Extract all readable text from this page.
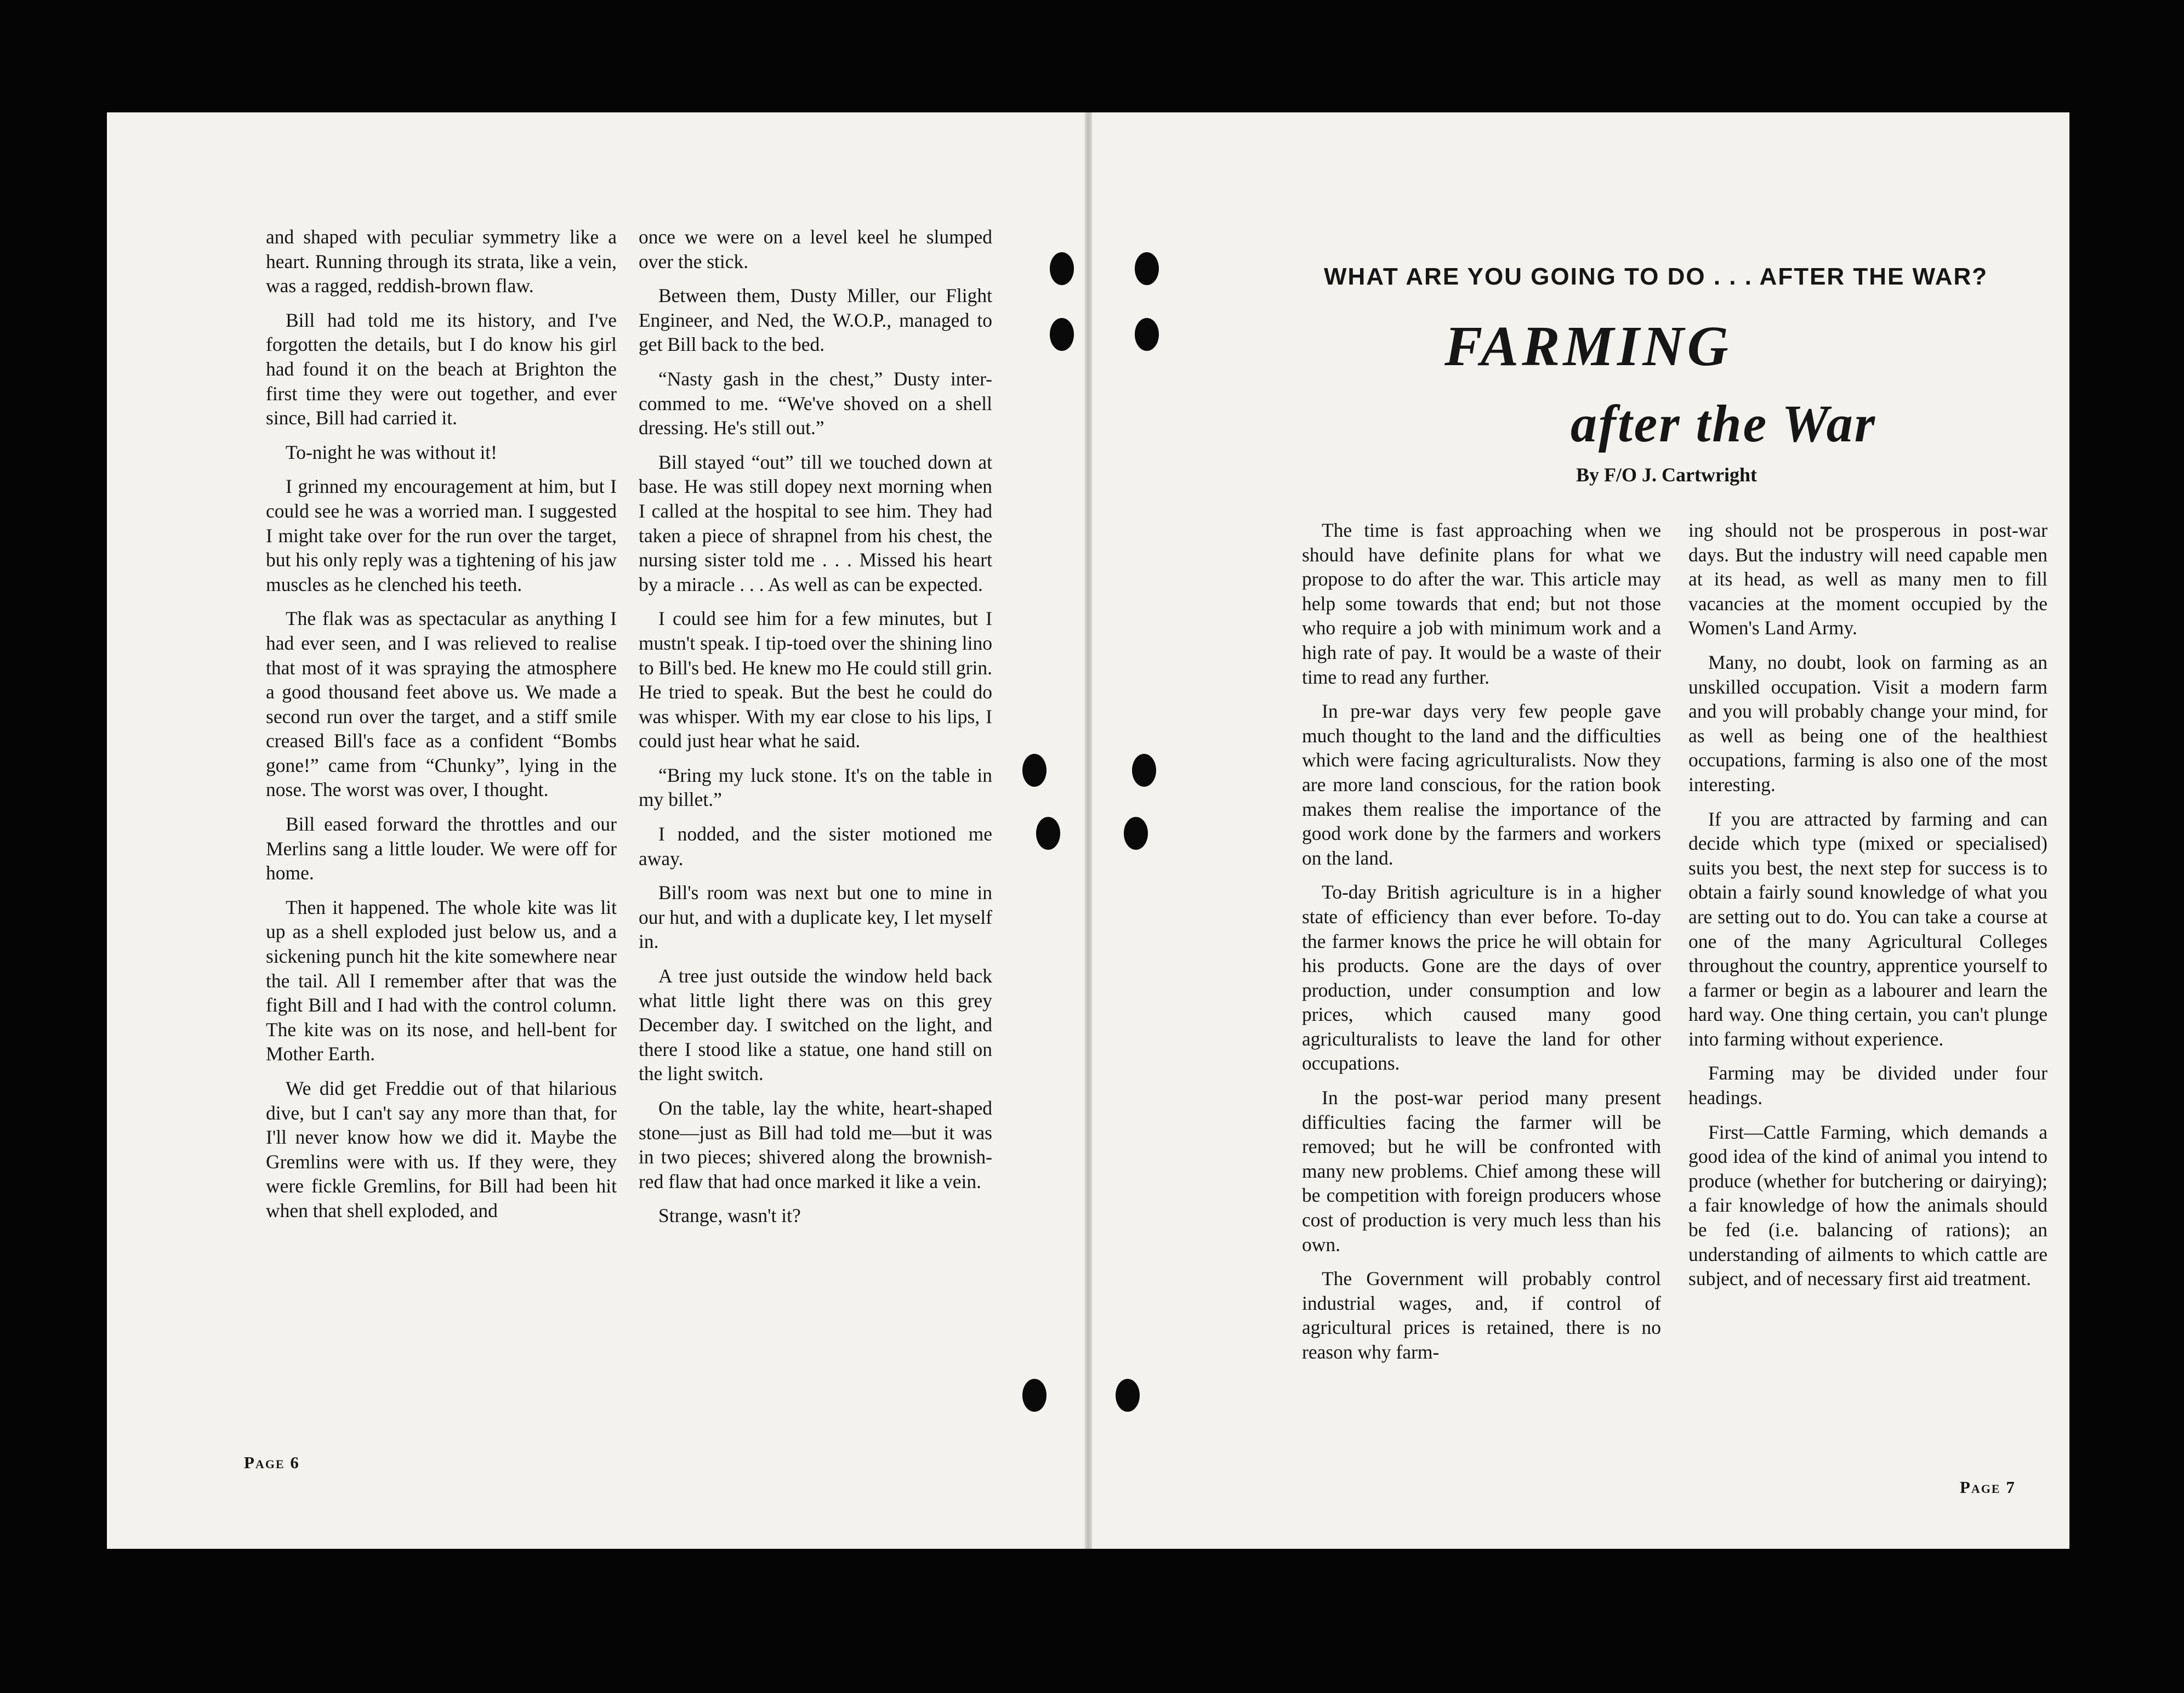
and shaped with peculiar symmetry like a heart. Running through its strata, like a vein, was a ragged, reddish-brown flaw.

Bill had told me its history, and I've forgotten the details, but I do know his girl had found it on the beach at Brighton the first time they were out together, and ever since, Bill had carried it.

To-night he was without it!

I grinned my encouragement at him, but I could see he was a worried man. I suggested I might take over for the run over the target, but his only reply was a tightening of his jaw muscles as he clenched his teeth.

The flak was as spectacular as anything I had ever seen, and I was relieved to realise that most of it was spraying the atmosphere a good thousand feet above us. We made a second run over the target, and a stiff smile creased Bill's face as a confident “Bombs gone!” came from “Chunky”, lying in the nose. The worst was over, I thought.

Bill eased forward the throttles and our Merlins sang a little louder. We were off for home.

Then it happened. The whole kite was lit up as a shell exploded just below us, and a sickening punch hit the kite somewhere near the tail. All I remember after that was the fight Bill and I had with the control column. The kite was on its nose, and hell-bent for Mother Earth.

We did get Freddie out of that hilarious dive, but I can't say any more than that, for I'll never know how we did it. Maybe the Gremlins were with us. If they were, they were fickle Gremlins, for Bill had been hit when that shell exploded, and

once we were on a level keel he slumped over the stick.

Between them, Dusty Miller, our Flight Engineer, and Ned, the W.O.P., managed to get Bill back to the bed.

“Nasty gash in the chest,” Dusty inter-commed to me. “We've shoved on a shell dressing. He's still out.”

Bill stayed “out” till we touched down at base. He was still dopey next morning when I called at the hospital to see him. They had taken a piece of shrapnel from his chest, the nursing sister told me . . . Missed his heart by a miracle . . . As well as can be expected.

I could see him for a few minutes, but I mustn't speak. I tip-toed over the shining lino to Bill's bed. He knew mo He could still grin. He tried to speak. But the best he could do was whisper. With my ear close to his lips, I could just hear what he said.

“Bring my luck stone. It's on the table in my billet.”

I nodded, and the sister motioned me away.

Bill's room was next but one to mine in our hut, and with a duplicate key, I let myself in.

A tree just outside the window held back what little light there was on this grey December day. I switched on the light, and there I stood like a statue, one hand still on the light switch.

On the table, lay the white, heart-shaped stone—just as Bill had told me—but it was in two pieces; shivered along the brownish-red flaw that had once marked it like a vein.

Strange, wasn't it?

Page 6
WHAT ARE YOU GOING TO DO . . . AFTER THE WAR?
FARMING
after the War
By F/O J. Cartwright

The time is fast approaching when we should have definite plans for what we propose to do after the war. This article may help some towards that end; but not those who require a job with minimum work and a high rate of pay. It would be a waste of their time to read any further.

In pre-war days very few people gave much thought to the land and the difficulties which were facing agriculturalists. Now they are more land conscious, for the ration book makes them realise the importance of the good work done by the farmers and workers on the land.

To-day British agriculture is in a higher state of efficiency than ever before. To-day the farmer knows the price he will obtain for his products. Gone are the days of over production, under consumption and low prices, which caused many good agriculturalists to leave the land for other occupations.

In the post-war period many present difficulties facing the farmer will be removed; but he will be confronted with many new problems. Chief among these will be competition with foreign producers whose cost of production is very much less than his own.

The Government will probably control industrial wages, and, if control of agricultural prices is retained, there is no reason why farm-

ing should not be prosperous in post-war days. But the industry will need capable men at its head, as well as many men to fill vacancies at the moment occupied by the Women's Land Army.

Many, no doubt, look on farming as an unskilled occupation. Visit a modern farm and you will probably change your mind, for as well as being one of the healthiest occupations, farming is also one of the most interesting.

If you are attracted by farming and can decide which type (mixed or specialised) suits you best, the next step for success is to obtain a fairly sound knowledge of what you are setting out to do. You can take a course at one of the many Agricultural Colleges throughout the country, apprentice yourself to a farmer or begin as a labourer and learn the hard way. One thing certain, you can't plunge into farming without experience.

Farming may be divided under four headings.

First—Cattle Farming, which demands a good idea of the kind of animal you intend to produce (whether for butchering or dairying); a fair knowledge of how the animals should be fed (i.e. balancing of rations); an understanding of ailments to which cattle are subject, and of necessary first aid treatment.

Page 7
